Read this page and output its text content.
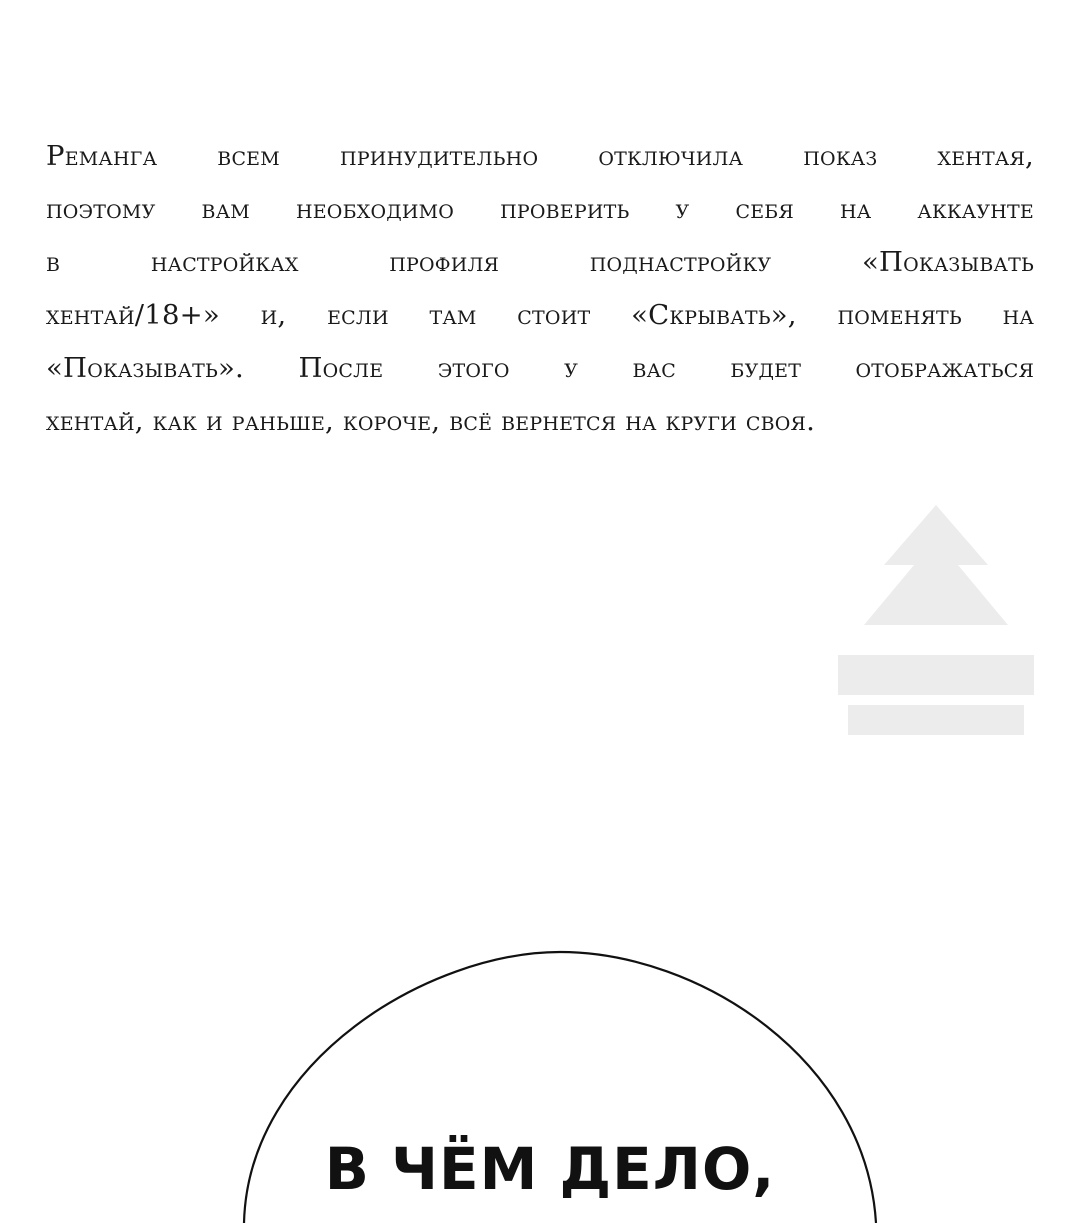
Реманга всем принудительно отключила показ хентая,
поэтому вам необходимо проверить у себя на аккаунте
в настройках профиля поднастройку «Показывать
хентай/18+» и, если там стоит «Скрывать», поменять на
«Показывать». После этого у вас будет отображаться
хентай, как и раньше, короче, всё вернется на круги своя.
В ЧЁМ ДЕЛО,
